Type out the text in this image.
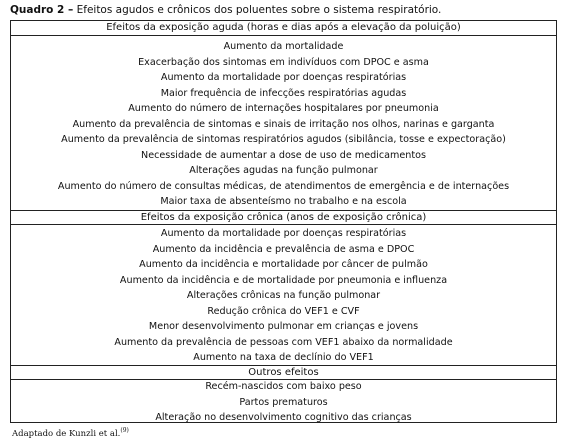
Quadro 2 – Efeitos agudos e crônicos dos poluentes sobre o sistema respiratório.
Efeitos da exposição aguda (horas e dias após a elevação da poluição)
Aumento da mortalidade
Exacerbação dos sintomas em indivíduos com DPOC e asma
Aumento da mortalidade por doenças respiratórias
Maior frequência de infecções respiratórias agudas
Aumento do número de internações hospitalares por pneumonia
Aumento da prevalência de sintomas e sinais de irritação nos olhos, narinas e garganta
Aumento da prevalência de sintomas respiratórios agudos (sibilância, tosse e expectoração)
Necessidade de aumentar a dose de uso de medicamentos
Alterações agudas na função pulmonar
Aumento do número de consultas médicas, de atendimentos de emergência e de internações
Maior taxa de absenteísmo no trabalho e na escola
Efeitos da exposição crônica (anos de exposição crônica)
Aumento da mortalidade por doenças respiratórias
Aumento da incidência e prevalência de asma e DPOC
Aumento da incidência e mortalidade por câncer de pulmão
Aumento da incidência e de mortalidade por pneumonia e influenza
Alterações crônicas na função pulmonar
Redução crônica do VEF1 e CVF
Menor desenvolvimento pulmonar em crianças e jovens
Aumento da prevalência de pessoas com VEF1 abaixo da normalidade
Aumento na taxa de declínio do VEF1
Outros efeitos
Recém-nascidos com baixo peso
Partos prematuros
Alteração no desenvolvimento cognitivo das crianças
Adaptado de Kunzli et al.$^{(9)}$
